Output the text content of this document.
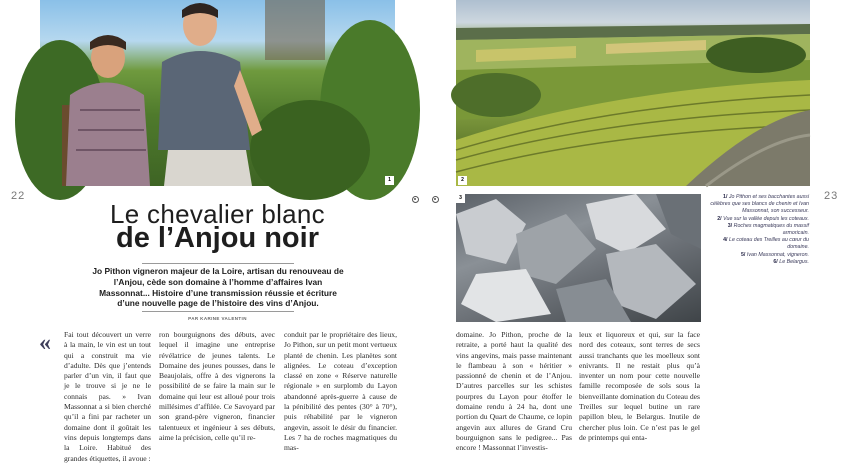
1	2
3
22	23
Le chevalier blanc
de l’Anjou noir
Jo Pithon vigneron majeur de la Loire, artisan du renouveau de l’Anjou, cède son domaine à l’homme d’affaires Ivan Massonnat... Histoire d’une transmission réussie et écriture d’une nouvelle page de l’histoire des vins d’Anjou.
PAR KARINE VALENTIN
« Fai tout découvert un verre à la main, le vin est un tout qui a construit ma vie d’adulte. Dès que j’entends parler d’un vin, il faut que je le trouve si je ne le connais pas. » Ivan Massonnat a si bien cherché qu’il a fini par racheter un domaine dont il goûtait les vins depuis longtemps dans la Loire. Habitué des grandes étiquettes, il avoue :
ron bourguignons des débuts, avec lequel il imagine une entreprise révélatrice de jeunes talents. Le Domaine des jeunes pousses, dans le Beaujolais, offre à des vignerons la possibilité de se faire la main sur le domaine qui leur est alloué pour trois millésimes d’affilée. Ce Savoyard par son grand-père vigneron, financier talentueux et ingénieur à ses débuts, aime la précision, celle qu’il re-
conduit par le propriétaire des lieux, Jo Pithon, sur un petit mont vertueux planté de chenin. Les planètes sont alignées. Le coteau d’exception classé en zone « Réserve naturelle régionale » en surplomb du Layon abandonné après-guerre à cause de la pénibilité des pentes (30° à 70°), puis réhabilité par le vigneron angevin, assoit le désir du financier. Les 7 ha de roches magmatiques du mas-
domaine. Jo Pithon, proche de la retraite, a porté haut la qualité des vins angevins, mais passe maintenant le flambeau à son « héritier » passionné de chenin et de l’Anjou. D’autres parcelles sur les schistes pourpres du Layon pour étoffer le domaine rendu à 24 ha, dont une portion du Quart de Chaume, ce lopin angevin aux allures de Grand Cru bourguignon sans le pedigree... Pas encore ! Massonnat l’investis-
leux et liquoreux et qui, sur la face nord des coteaux, sont terres de secs aussi tranchants que les moelleux sont enivrants. Il ne restait plus qu’à inventer un nom pour cette nouvelle famille recomposée de sols sous la bienveillante domination du Coteau des Treilles sur lequel butine un rare papillon bleu, le Belargus. Inutile de chercher plus loin. Ce n’est pas le gel de printemps qui enta-
1/ Jo Pithon et ses bacchantes aussi célèbres que ses blancs de chenin et Ivan Massonnat, son successeur.
2/ Vue sur la vallée depuis les coteaux.
3/ Roches magmatiques du massif armoricain.
4/ Le coteau des Treilles au cœur du domaine.
5/ Ivan Massonnat, vigneron.
6/ Le Belargus.
